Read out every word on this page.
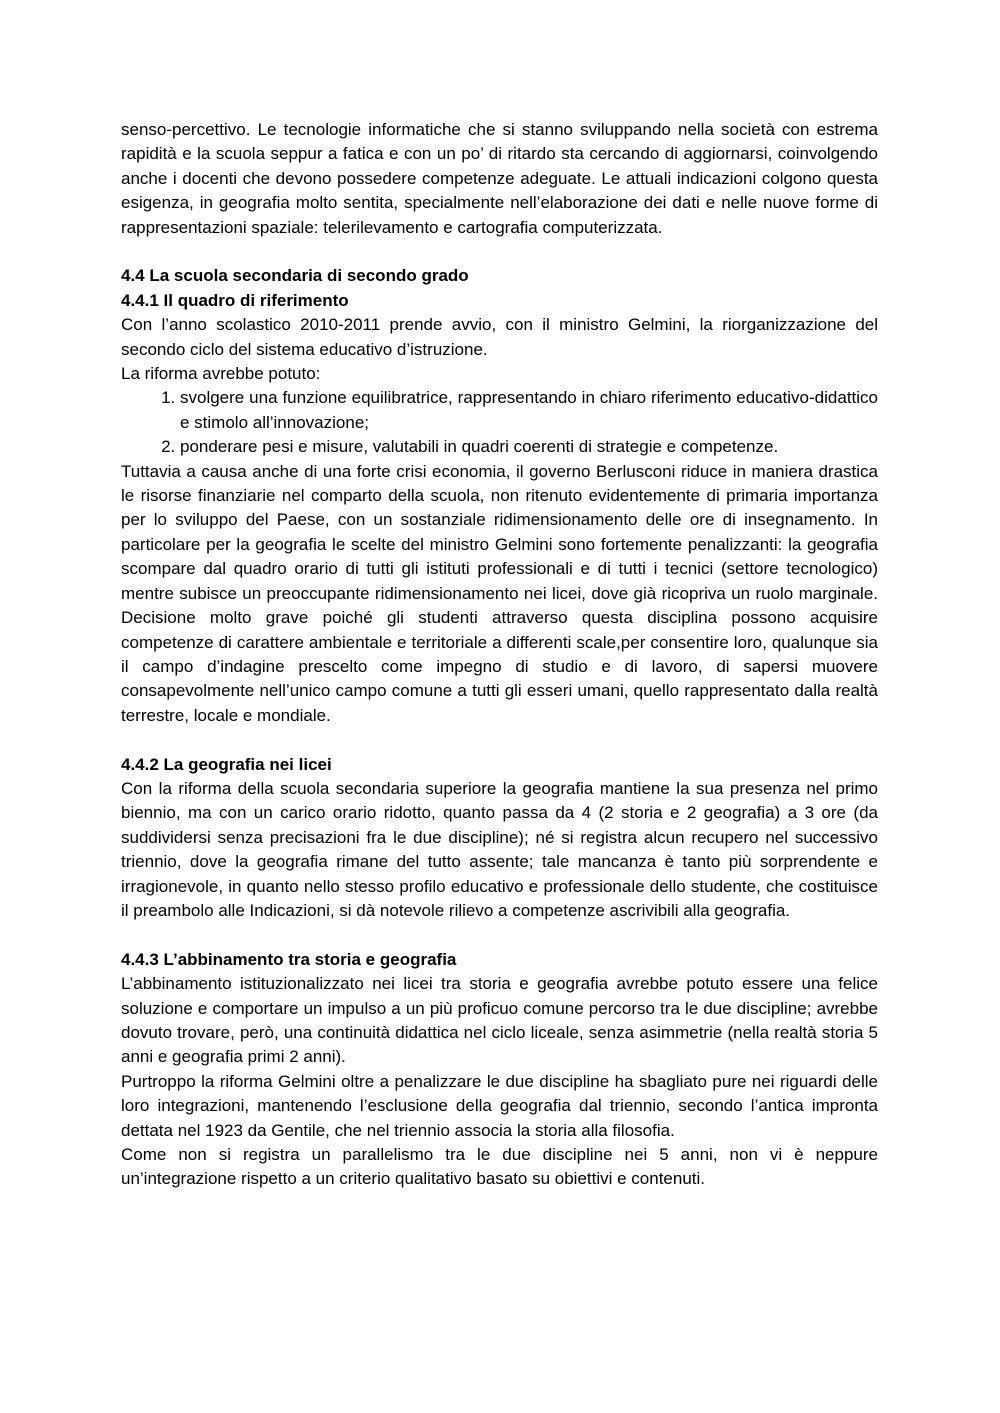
senso-percettivo. Le tecnologie informatiche che si stanno sviluppando nella società con estrema rapidità e la scuola seppur a fatica e con un po’ di ritardo sta cercando di aggiornarsi, coinvolgendo anche i docenti che devono possedere competenze adeguate. Le attuali indicazioni colgono questa esigenza, in geografia molto sentita, specialmente nell’elaborazione dei dati e nelle nuove forme di rappresentazioni spaziale: telerilevamento e cartografia computerizzata.

4.4 La scuola secondaria di secondo grado
4.4.1 Il quadro di riferimento

Con l’anno scolastico 2010-2011 prende avvio, con il ministro Gelmini, la riorganizzazione del secondo ciclo del sistema educativo d’istruzione.

La riforma avrebbe potuto:

1. svolgere una funzione equilibratrice, rappresentando in chiaro riferimento educativo-didattico e stimolo all’innovazione;
2. ponderare pesi e misure, valutabili in quadri coerenti di strategie e competenze.

Tuttavia a causa anche di una forte crisi economia, il governo Berlusconi riduce in maniera drastica le risorse finanziarie nel comparto della scuola, non ritenuto evidentemente di primaria importanza per lo sviluppo del Paese, con un sostanziale ridimensionamento delle ore di insegnamento. In particolare per la geografia le scelte del ministro Gelmini sono fortemente penalizzanti: la geografia scompare dal quadro orario di tutti gli istituti professionali e di tutti i tecnici (settore tecnologico) mentre subisce un preoccupante ridimensionamento nei licei, dove già ricopriva un ruolo marginale. Decisione molto grave poiché gli studenti attraverso questa disciplina possono acquisire competenze di carattere ambientale e territoriale a differenti scale,per consentire loro, qualunque sia il campo d’indagine prescelto come impegno di studio e di lavoro, di sapersi muovere consapevolmente nell’unico campo comune a tutti gli esseri umani, quello rappresentato dalla realtà terrestre, locale e mondiale.

4.4.2 La geografia nei licei

Con la riforma della scuola secondaria superiore la geografia mantiene la sua presenza nel primo biennio, ma con un carico orario ridotto, quanto passa da 4 (2 storia e 2 geografia) a 3 ore (da suddividersi senza precisazioni fra le due discipline); né si registra alcun recupero nel successivo triennio, dove la geografia rimane del tutto assente; tale mancanza è tanto più sorprendente e irragionevole, in quanto nello stesso profilo educativo e professionale dello studente, che costituisce il preambolo alle Indicazioni, si dà notevole rilievo a competenze ascrivibili alla geografia.

4.4.3 L’abbinamento tra storia e geografia

L’abbinamento istituzionalizzato nei licei tra storia e geografia avrebbe potuto essere una felice soluzione e comportare un impulso a un più proficuo comune percorso tra le due discipline; avrebbe dovuto trovare, però, una continuità didattica nel ciclo liceale, senza asimmetrie (nella realtà storia 5 anni e geografia primi 2 anni).

Purtroppo la riforma Gelmini oltre a penalizzare le due discipline ha sbagliato pure nei riguardi delle loro integrazioni, mantenendo l’esclusione della geografia dal triennio, secondo l’antica impronta dettata nel 1923 da Gentile, che nel triennio associa la storia alla filosofia.

Come non si registra un parallelismo tra le due discipline nei 5 anni, non vi è neppure un’integrazione rispetto a un criterio qualitativo basato su obiettivi e contenuti.
